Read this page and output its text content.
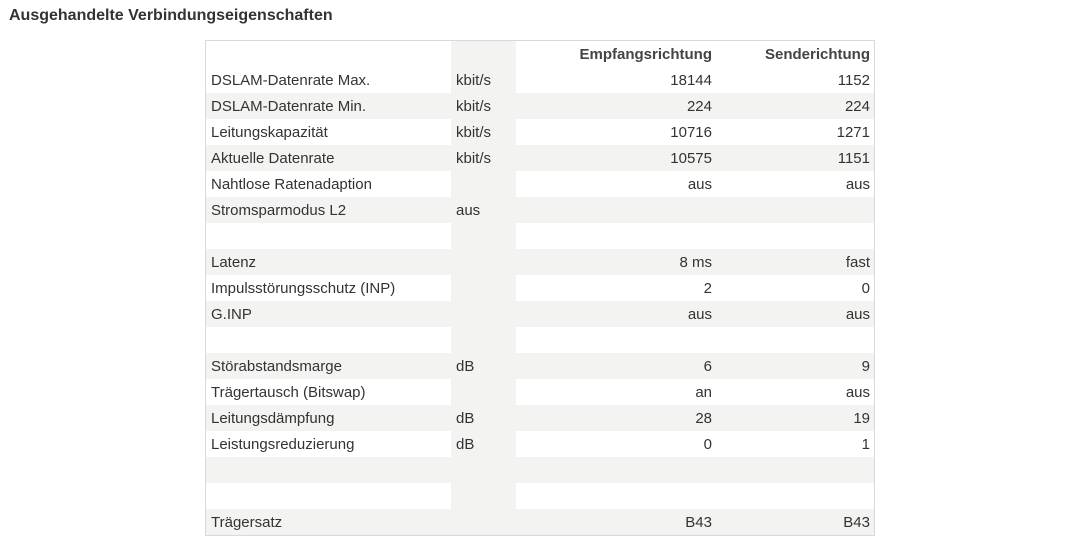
Ausgehandelte Verbindungseigenschaften
		Empfangsrichtung	Senderichtung
DSLAM-Datenrate Max.	kbit/s	18144	1152
DSLAM-Datenrate Min.	kbit/s	224	224
Leitungskapazität	kbit/s	10716	1271
Aktuelle Datenrate	kbit/s	10575	1151
Nahtlose Ratenadaption		aus	aus
Stromsparmodus L2	aus		

Latenz		8 ms	fast
Impulsstörungsschutz (INP)		2	0
G.INP		aus	aus

Störabstandsmarge	dB	6	9
Trägertausch (Bitswap)		an	aus
Leitungsdämpfung	dB	28	19
Leistungsreduzierung	dB	0	1

Trägersatz		B43	B43
